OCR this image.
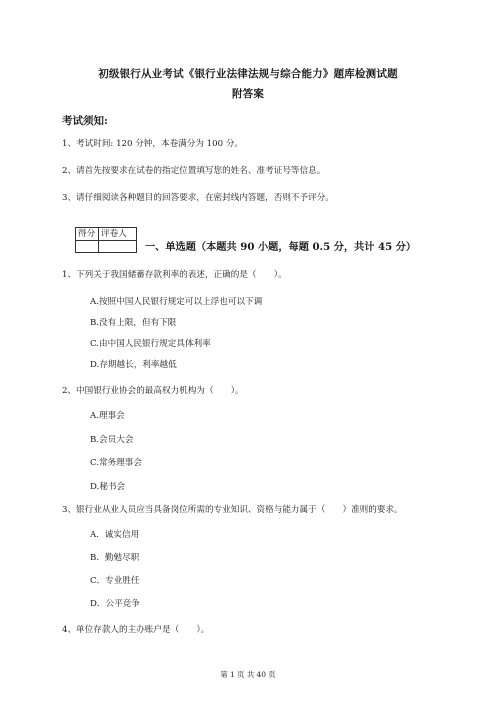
初级银行从业考试《银行业法律法规与综合能力》题库检测试题
附答案
考试须知:
1、考试时间: 120 分钟，本卷满分为 100 分。
2、请首先按要求在试卷的指定位置填写您的姓名、准考证号等信息。
3、请仔细阅读各种题目的回答要求，在密封线内答题，否则不予评分。
得分 评卷人
一、单选题（本题共 90 小题，每题 0.5 分，共计 45 分）
1、下列关于我国储蓄存款利率的表述，正确的是（　　）。
A.按照中国人民银行规定可以上浮也可以下调
B.没有上限，但有下限
C.由中国人民银行规定具体利率
D.存期越长，利率越低
2、中国银行业协会的最高权力机构为（　　）。
A.理事会
B.会员大会
C.常务理事会
D.秘书会
3、银行业从业人员应当具备岗位所需的专业知识、资格与能力属于（　　）准则的要求。
A．诚实信用
B．勤勉尽职
C．专业胜任
D．公平竞争
4、单位存款人的主办账户是（　　）。
第 1 页 共 40 页
